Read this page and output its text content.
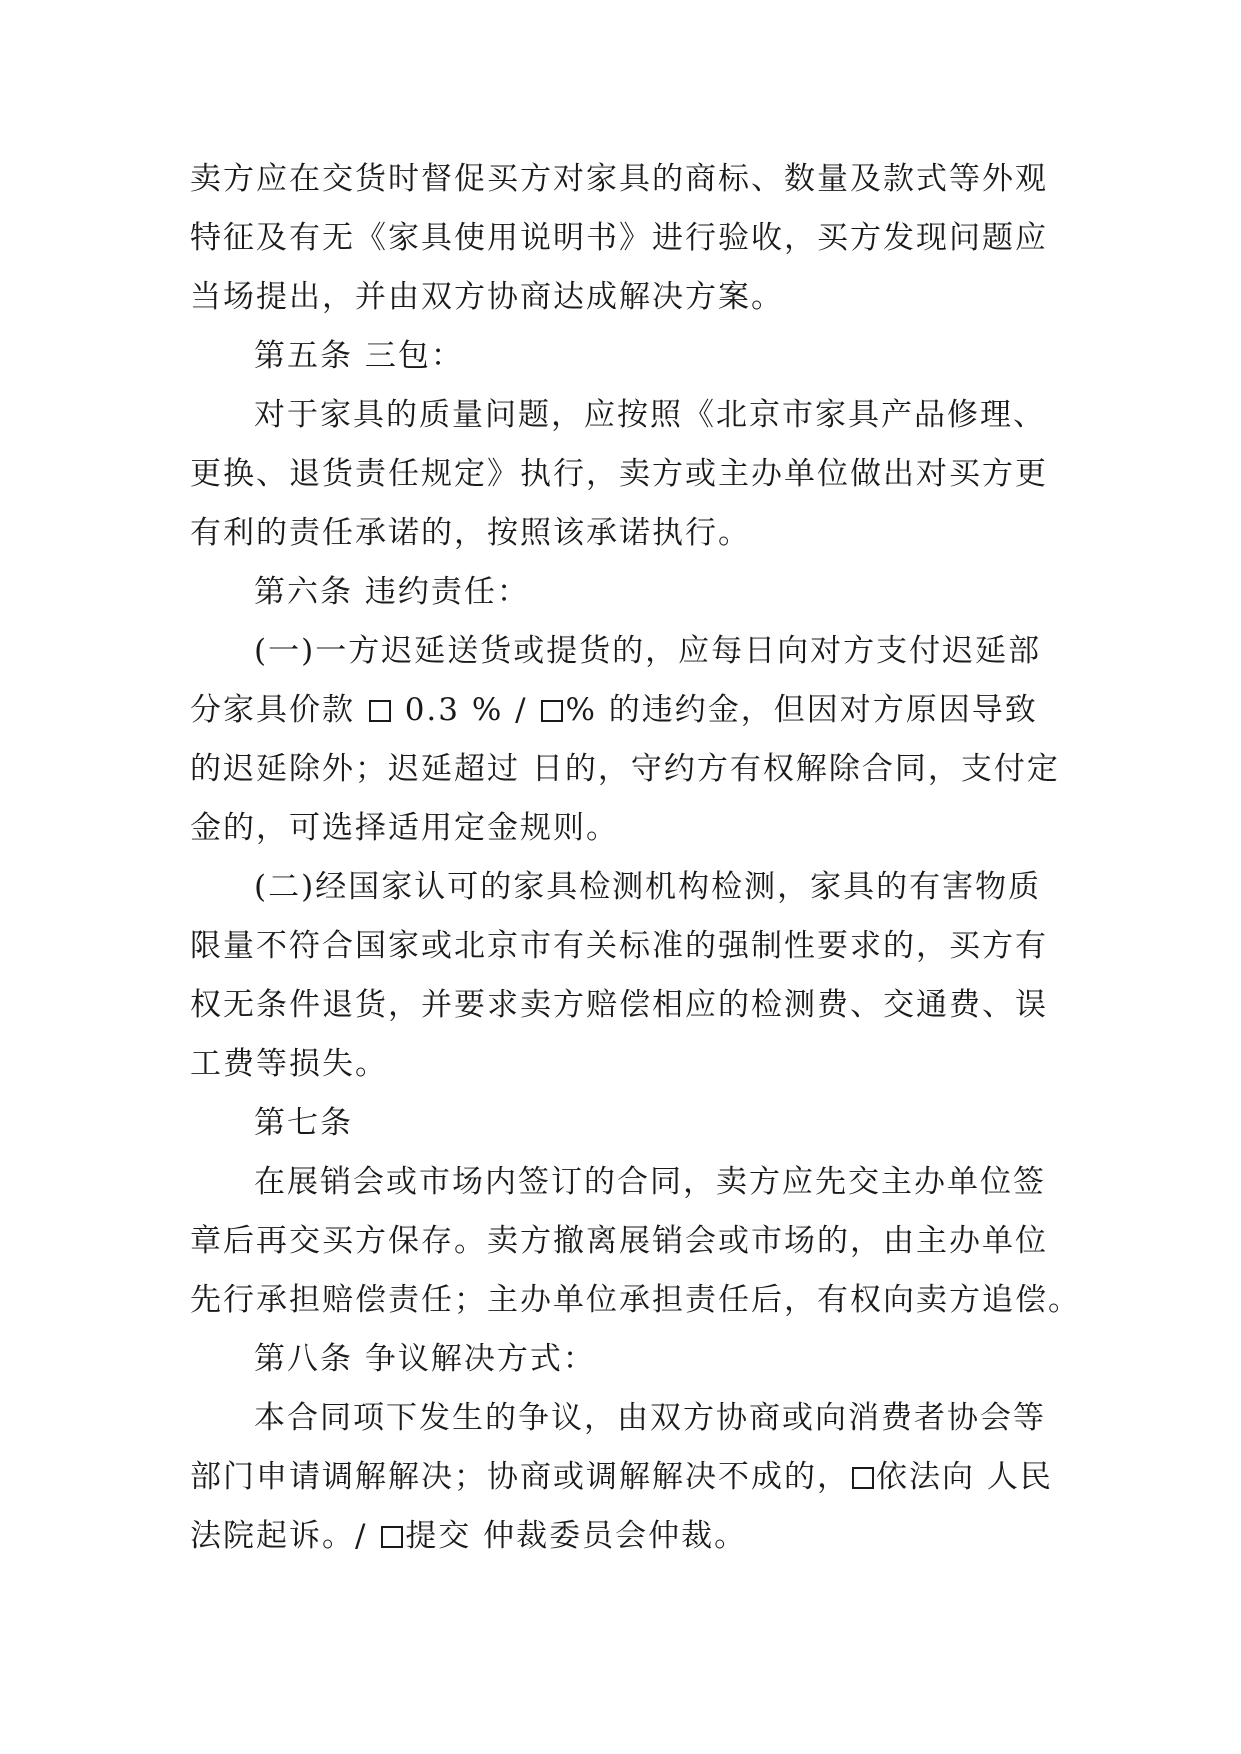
卖方应在交货时督促买方对家具的商标、数量及款式等外观
特征及有无《家具使用说明书》进行验收，买方发现问题应
当场提出，并由双方协商达成解决方案。
第五条 三包：
对于家具的质量问题，应按照《北京市家具产品修理、
更换、退货责任规定》执行，卖方或主办单位做出对买方更
有利的责任承诺的，按照该承诺执行。
第六条 违约责任：
(一)一方迟延送货或提货的，应每日向对方支付迟延部
分家具价款  0.3 % / % 的违约金，但因对方原因导致
的迟延除外；迟延超过 日的，守约方有权解除合同，支付定
金的，可选择适用定金规则。
(二)经国家认可的家具检测机构检测，家具的有害物质
限量不符合国家或北京市有关标准的强制性要求的，买方有
权无条件退货，并要求卖方赔偿相应的检测费、交通费、误
工费等损失。
第七条
在展销会或市场内签订的合同，卖方应先交主办单位签
章后再交买方保存。卖方撤离展销会或市场的，由主办单位
先行承担赔偿责任；主办单位承担责任后，有权向卖方追偿。
第八条 争议解决方式：
本合同项下发生的争议，由双方协商或向消费者协会等
部门申请调解解决；协商或调解解决不成的， 依法向 人民
法院起诉。/ 提交 仲裁委员会仲裁。
